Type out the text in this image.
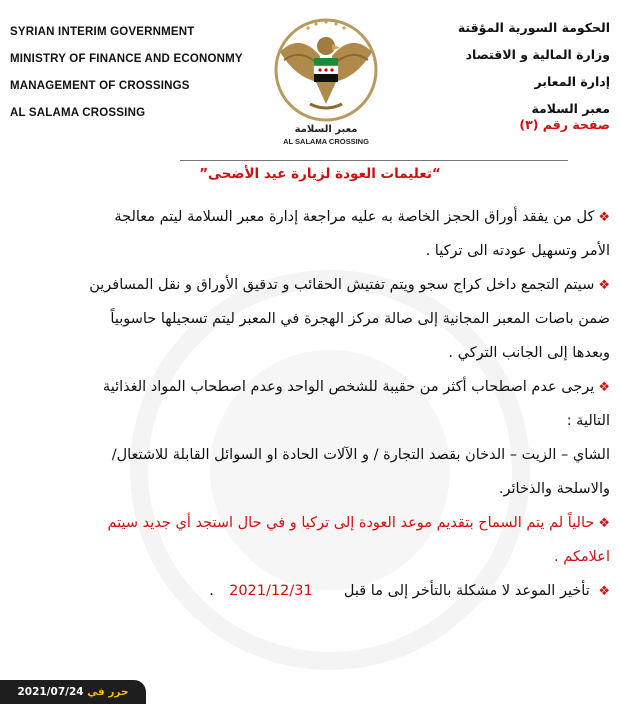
SYRIAN INTERIM GOVERNMENT
MINISTRY OF FINANCE AND ECONONMY
MANAGEMENT OF CROSSINGS
AL SALAMA CROSSING
معبر السلامة
AL SALAMA CROSSING
الحكومة السورية المؤقتة
وزارة المالية و الاقتصاد
إدارة المعابر
معبر السلامة
صفحة رقم (٣)
“تعليمات العودة لزيارة عيد الأضحى”
❖كل من يفقد أوراق الحجز الخاصة به عليه مراجعة إدارة معبر السلامة ليتم معالجة
الأمر وتسهيل عودته الى تركيا .
❖سيتم التجمع داخل كراج سجو ويتم تفتيش الحقائب و تدقيق الأوراق و نقل المسافرين
ضمن باصات المعبر المجانية إلى صالة مركز الهجرة في المعبر ليتم تسجيلها حاسوبياً
وبعدها إلى الجانب التركي .
❖يرجى عدم اصطحاب أكثر من حقيبة للشخص الواحد وعدم اصطحاب المواد الغذائية
التالية :
الشاي – الزيت – الدخان بقصد التجارة / و الآلات الحادة او السوائل القابلة للاشتعال/
والاسلحة والذخائر.
❖حالياً لم يتم السماح بتقديم موعد العودة إلى تركيا و في حال استجد أي جديد سيتم
اعلامكم .
❖ تأخير الموعد لا مشكلة بالتأخر إلى ما قبل  2021/12/31  .
حرر في 2021/07/24
